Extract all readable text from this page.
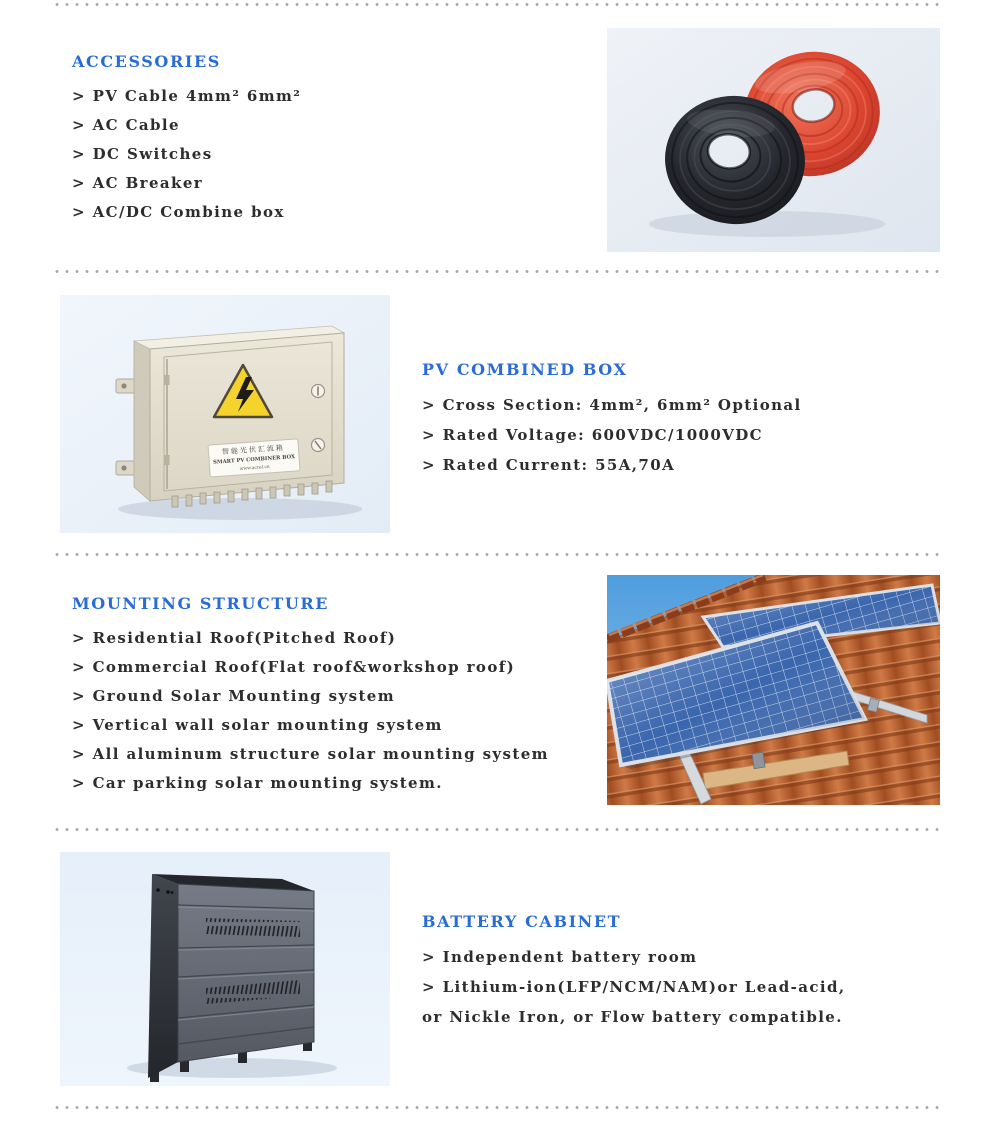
ACCESSORIES
> PV Cable 4mm² 6mm²
> AC Cable
> DC Switches
> AC Breaker
> AC/DC Combine box
智能光伏汇流箱
SMART PV COMBINER BOX
www.acrel.cn
PV COMBINED BOX
> Cross Section: 4mm², 6mm² Optional
> Rated Voltage: 600VDC/1000VDC
> Rated Current: 55A,70A
MOUNTING STRUCTURE
> Residential Roof(Pitched Roof)
> Commercial Roof(Flat roof&workshop roof)
> Ground Solar Mounting system
> Vertical wall solar mounting system
> All aluminum structure solar mounting system
> Car parking solar mounting system.
BATTERY CABINET
> Independent battery room
> Lithium-ion(LFP/NCM/NAM)or Lead-acid,
or Nickle Iron, or Flow battery compatible.
